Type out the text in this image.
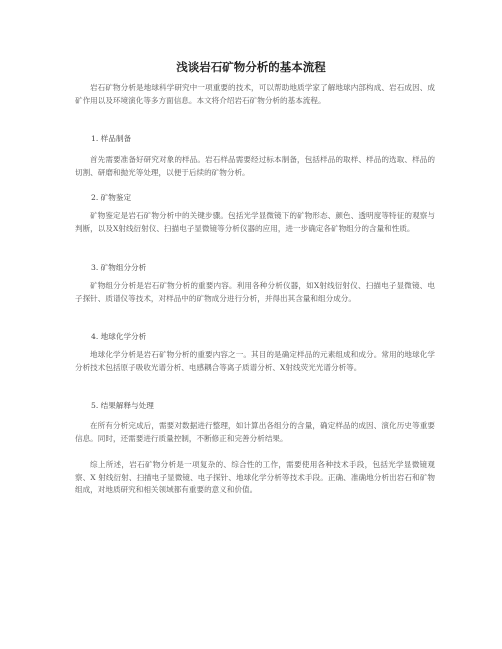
浅谈岩石矿物分析的基本流程

岩石矿物分析是地球科学研究中一项重要的技术，可以帮助地质学家了解地球内部构成、岩石成因、成矿作用以及环境演化等多方面信息。本文将介绍岩石矿物分析的基本流程。

1. 样品制备

首先需要准备好研究对象的样品。岩石样品需要经过标本制备，包括样品的取样、样品的选取、样品的切割、研磨和抛光等处理，以便于后续的矿物分析。

2. 矿物鉴定

矿物鉴定是岩石矿物分析中的关键步骤。包括光学显微镜下的矿物形态、颜色、透明度等特征的观察与判断，以及X射线衍射仪、扫描电子显微镜等分析仪器的应用，进一步确定各矿物组分的含量和性质。

3. 矿物组分分析

矿物组分分析是岩石矿物分析的重要内容。利用各种分析仪器，如X射线衍射仪、扫描电子显微镜、电子探针、质谱仪等技术，对样品中的矿物成分进行分析，并得出其含量和组分成分。

4. 地球化学分析

地球化学分析是岩石矿物分析的重要内容之一。其目的是确定样品的元素组成和成分。常用的地球化学分析技术包括原子吸收光谱分析、电感耦合等离子质谱分析、X射线荧光光谱分析等。

5. 结果解释与处理

在所有分析完成后，需要对数据进行整理，如计算出各组分的含量，确定样品的成因、演化历史等重要信息。同时，还需要进行质量控制，不断修正和完善分析结果。

综上所述，岩石矿物分析是一项复杂的、综合性的工作，需要使用各种技术手段，包括光学显微镜观察、X 射线衍射、扫描电子显微镜、电子探针、地球化学分析等技术手段。正确、准确地分析出岩石和矿物组成，对地质研究和相关领域都有重要的意义和价值。
